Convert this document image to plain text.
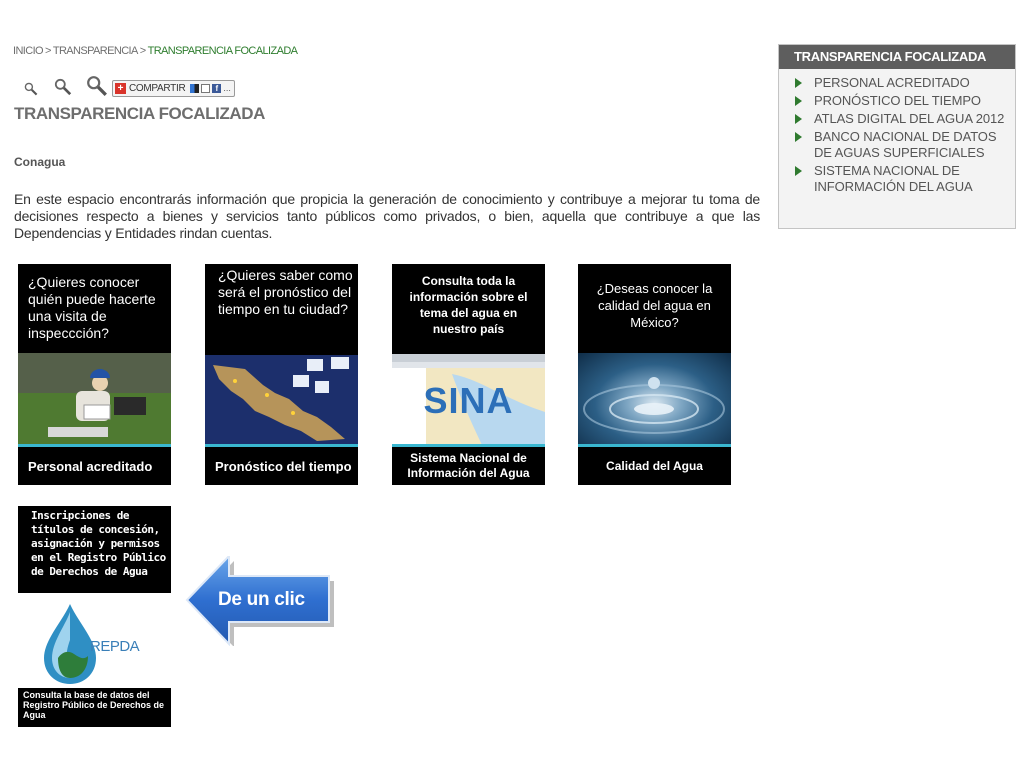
INICIO > TRANSPARENCIA > TRANSPARENCIA FOCALIZADA
+ COMPARTIR	f ...
TRANSPARENCIA FOCALIZADA
Conagua
En este espacio encontrarás información que propicia la generación de conocimiento y contribuye a mejorar tu toma de decisiones respecto a bienes y servicios tanto públicos como privados, o bien, aquella que contribuye a que las Dependencias y Entidades rindan cuentas.
¿Quieres conocer quién puede hacerte una visita de inspeccción?
Personal acreditado
¿Quieres saber como será el pronóstico del tiempo en tu ciudad?
Pronóstico del tiempo
Consulta toda la información sobre el tema del agua en nuestro país
SINA
Sistema Nacional de Información del Agua
¿Deseas conocer la calidad del agua en México?
Calidad del Agua
Inscripciones de títulos de concesión, asignación y permisos en el Registro Público de Derechos de Agua
REPDA
Consulta la base de datos del Registro Público de Derechos de Agua
De un clic
TRANSPARENCIA FOCALIZADA
PERSONAL ACREDITADO
PRONÓSTICO DEL TIEMPO
ATLAS DIGITAL DEL AGUA 2012
BANCO NACIONAL DE DATOS DE AGUAS SUPERFICIALES
SISTEMA NACIONAL DE INFORMACIÓN DEL AGUA
